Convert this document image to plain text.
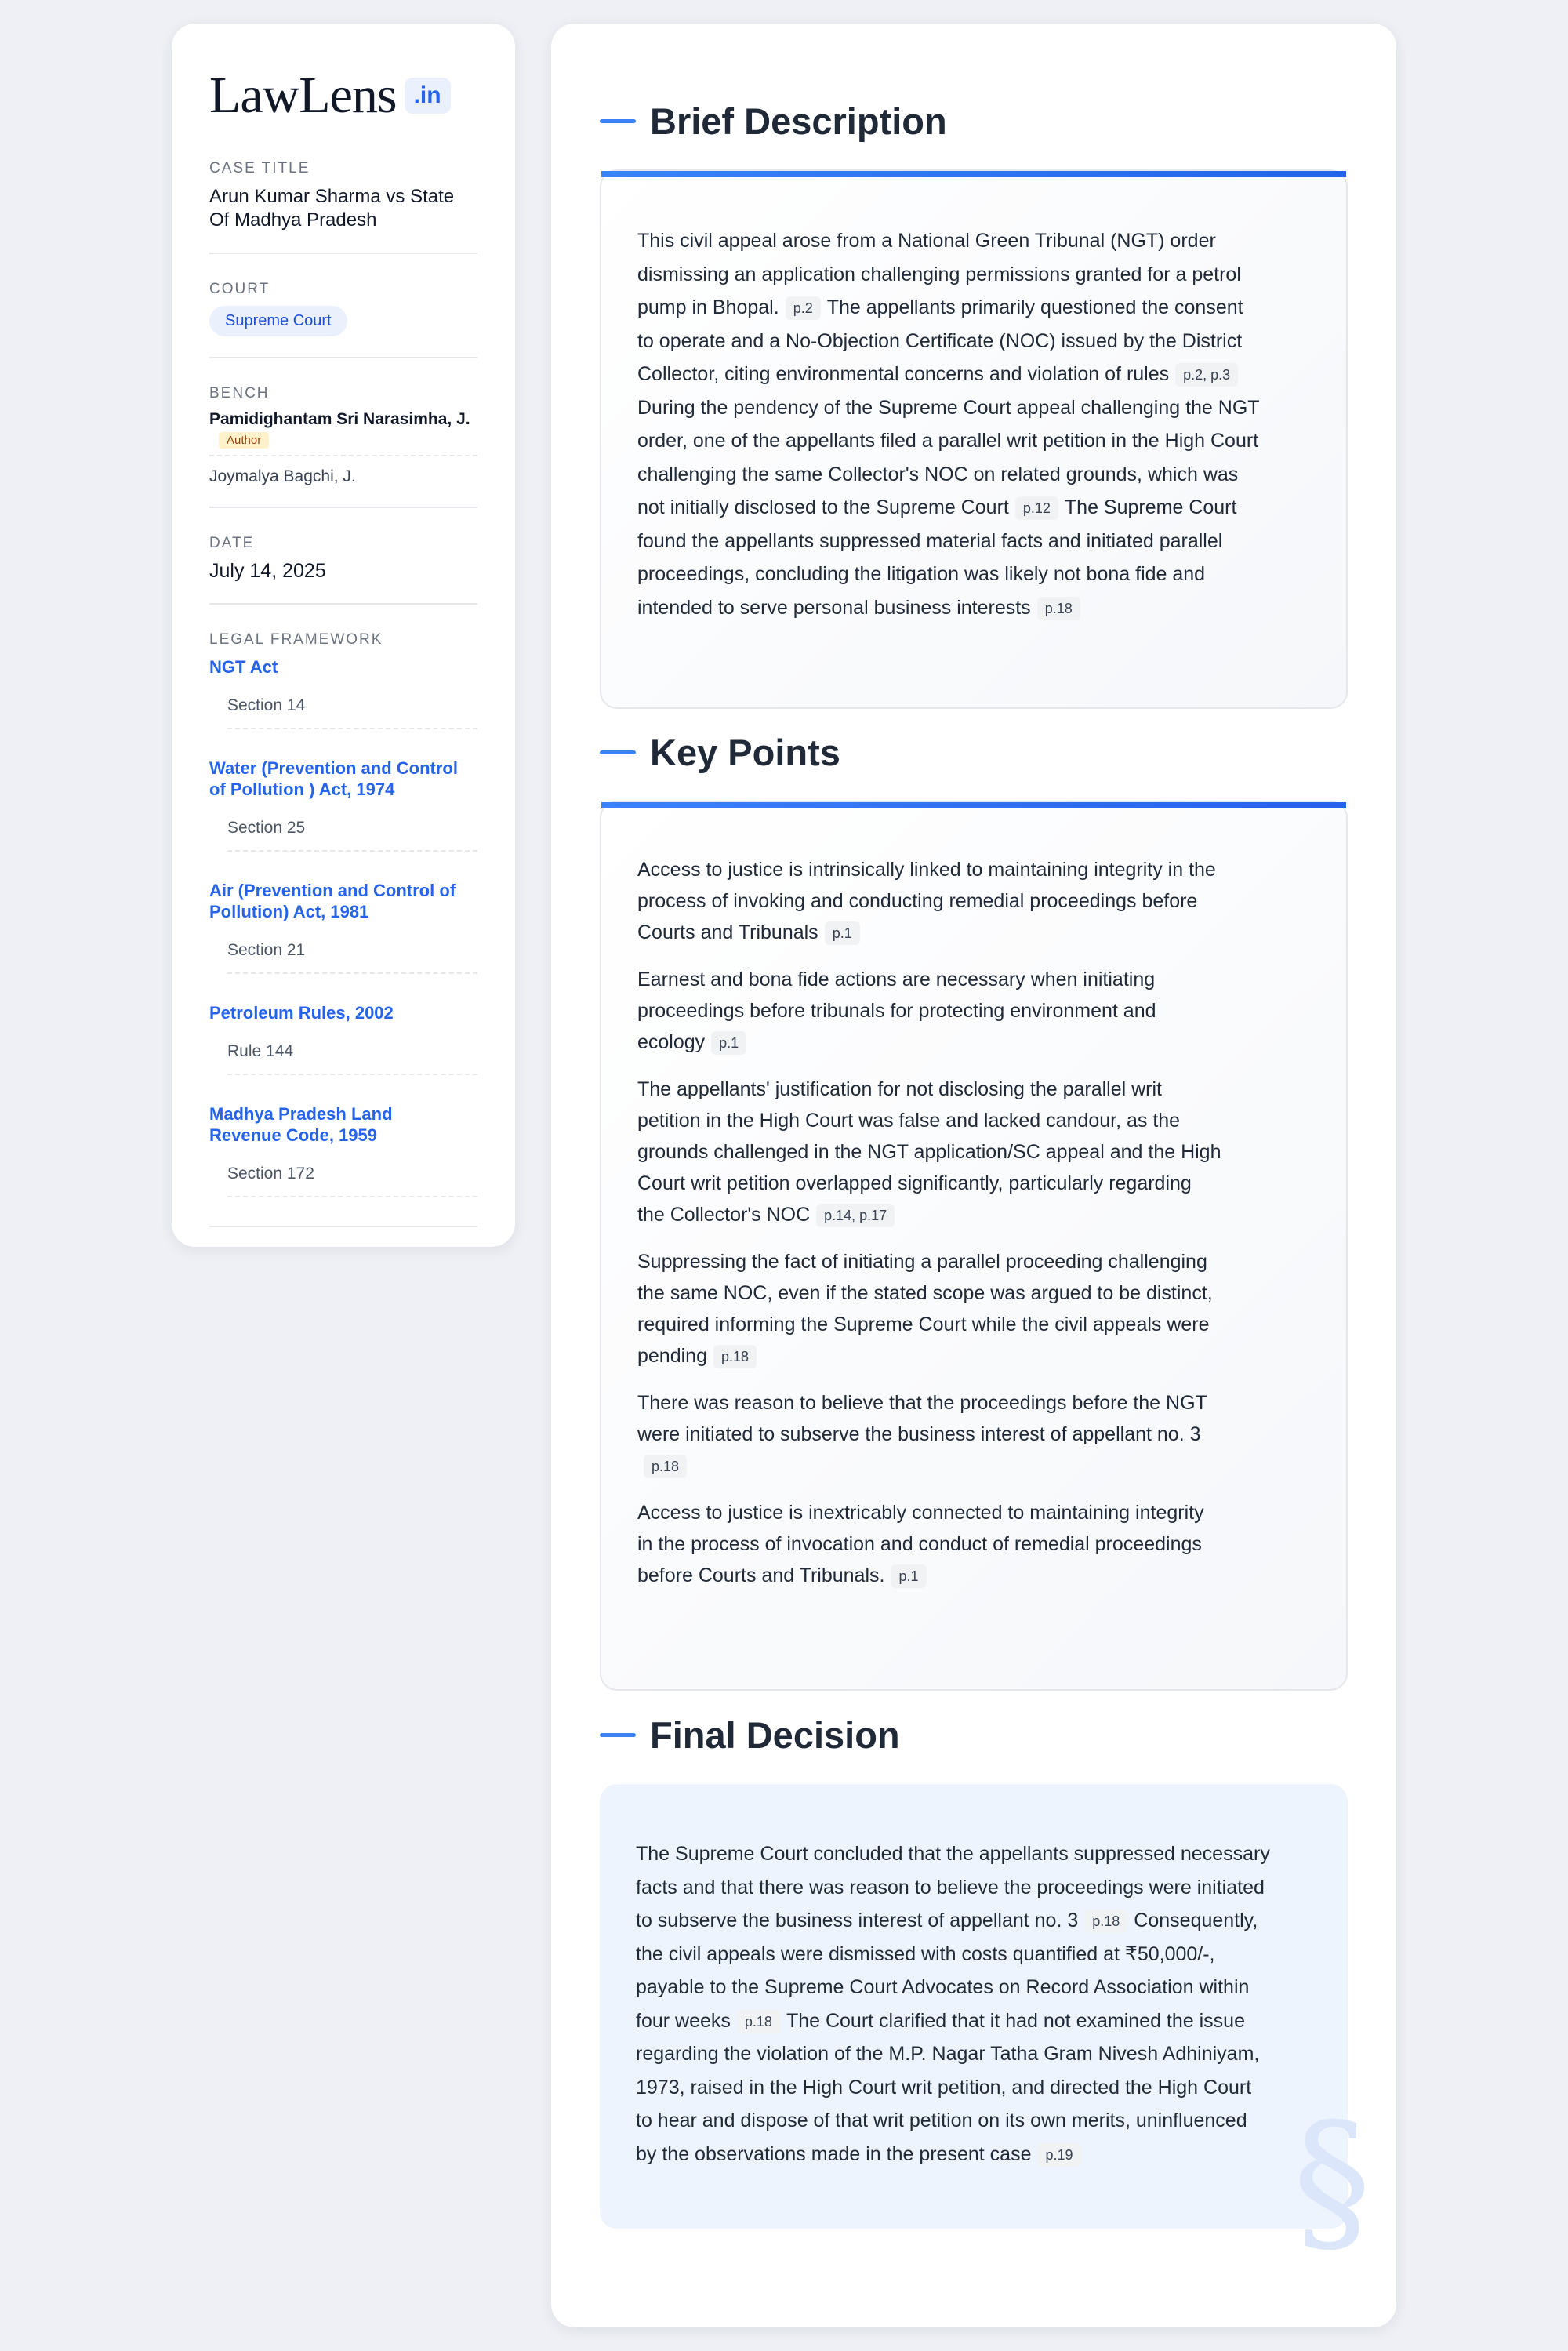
LawLens .in
CASE TITLE
Arun Kumar Sharma vs State
Of Madhya Pradesh
COURT
Supreme Court
BENCH
Pamidighantam Sri Narasimha, J.
Author
Joymalya Bagchi, J.
DATE
July 14, 2025
LEGAL FRAMEWORK
NGT Act
Section 14
Water (Prevention and Control
of Pollution ) Act, 1974
Section 25
Air (Prevention and Control of
Pollution) Act, 1981
Section 21
Petroleum Rules, 2002
Rule 144
Madhya Pradesh Land
Revenue Code, 1959
Section 172
Brief Description
This civil appeal arose from a National Green Tribunal (NGT) order
dismissing an application challenging permissions granted for a petrol
pump in Bhopal. p.2 The appellants primarily questioned the consent
to operate and a No-Objection Certificate (NOC) issued by the District
Collector, citing environmental concerns and violation of rules p.2, p.3
During the pendency of the Supreme Court appeal challenging the NGT
order, one of the appellants filed a parallel writ petition in the High Court
challenging the same Collector's NOC on related grounds, which was
not initially disclosed to the Supreme Court p.12 The Supreme Court
found the appellants suppressed material facts and initiated parallel
proceedings, concluding the litigation was likely not bona fide and
intended to serve personal business interests p.18
Key Points
Access to justice is intrinsically linked to maintaining integrity in the
process of invoking and conducting remedial proceedings before
Courts and Tribunals p.1
Earnest and bona fide actions are necessary when initiating
proceedings before tribunals for protecting environment and
ecology p.1
The appellants' justification for not disclosing the parallel writ
petition in the High Court was false and lacked candour, as the
grounds challenged in the NGT application/SC appeal and the High
Court writ petition overlapped significantly, particularly regarding
the Collector's NOC p.14, p.17
Suppressing the fact of initiating a parallel proceeding challenging
the same NOC, even if the stated scope was argued to be distinct,
required informing the Supreme Court while the civil appeals were
pending p.18
There was reason to believe that the proceedings before the NGT
were initiated to subserve the business interest of appellant no. 3
p.18
Access to justice is inextricably connected to maintaining integrity
in the process of invocation and conduct of remedial proceedings
before Courts and Tribunals. p.1
Final Decision
§
The Supreme Court concluded that the appellants suppressed necessary
facts and that there was reason to believe the proceedings were initiated
to subserve the business interest of appellant no. 3 p.18 Consequently,
the civil appeals were dismissed with costs quantified at ₹50,000/-,
payable to the Supreme Court Advocates on Record Association within
four weeks p.18 The Court clarified that it had not examined the issue
regarding the violation of the M.P. Nagar Tatha Gram Nivesh Adhiniyam,
1973, raised in the High Court writ petition, and directed the High Court
to hear and dispose of that writ petition on its own merits, uninfluenced
by the observations made in the present case p.19
